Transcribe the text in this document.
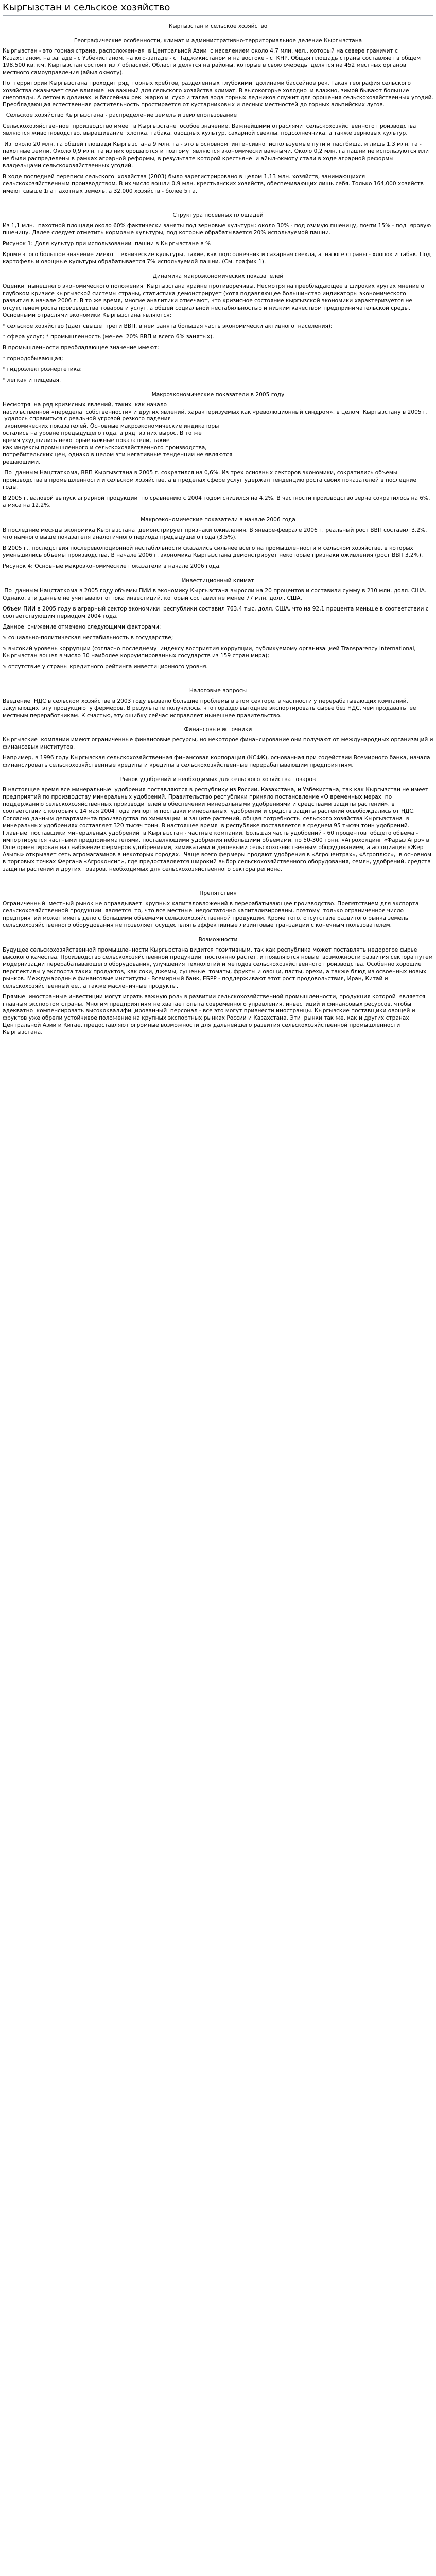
Кыргызстан и сельское хозяйство
Кыргызстан и сельское хозяйство
Географические особенности, климат и административно-территориальное деление Кыргызстана

Кыргызстан - это горная страна, расположенная  в Центральной Азии  с населением около 4,7 млн. чел., который на севере граничит с Казахстаном, на западе - с Узбекистаном, на юго-западе - с  Таджикистаном и на востоке - с  КНР. Общая площадь страны составляет в общем 198,500 кв. км. Кыргызстан состоит из 7 областей. Области делятся на районы, которые в свою очередь  делятся на 452 местных органов  местного самоуправления (айыл окмоту).

По  территории Кыргызстана проходит ряд  горных хребтов, разделенных глубокими  долинами бассейнов рек. Такая география сельского хозяйства оказывает свое влияние  на важный для сельского хозяйства климат. В высокогорье холодно  и влажно, зимой бывают большие  снегопады. А летом в долинах  и бассейнах рек  жарко и  сухо и талая вода горных ледников служит для орошения сельскохозяйственных угодий. Преобладающая естественная растительность простирается от кустарниковых и лесных местностей до горных альпийских лугов.

Сельское хозяйство Кыргызстана - распределение земель и землепользование

Сельскохозяйственное  производство имеет в Кыргызстане  особое значение. Важнейшими отраслями  сельскохозяйственного производства являются животноводство, выращивание  хлопка, табака, овощных культур, сахарной свеклы, подсолнечника, а также зерновых культур.

Из  около 20 млн. га общей площади Кыргызстана 9 млн. га - это в основном  интенсивно  используемые пути и пастбища, и лишь 1,3 млн. га - пахотные земли. Около 0,9 млн. га из них орошаются и поэтому  являются экономически важными. Около 0,2 млн. га пашни не используются или  не были распределены в рамках аграрной реформы, в результате которой крестьяне  и айыл-окмоту стали в ходе аграрной реформы владельцами сельскохозяйственных угодий.

В ходе последней переписи сельского  хозяйства (2003) было зарегистрировано в целом 1,13 млн. хозяйств, занимающихся сельскохозяйственным производством. В их число вошли 0,9 млн. крестьянских хозяйств, обеспечивающих лишь себя. Только 164,000 хозяйств имеют свыше 1га пахотных земель, а 32.000 хозяйств - более 5 га.

Структура посевных площадей

Из 1,1 млн.  пахотной площади около 60% фактически заняты под зерновые культуры: около 30% - под озимую пшеницу, почти 15% - под  яровую пшеницу. Далее следует отметить кормовые культуры, под которые обрабатывается 20% используемой пашни.

Рисунок 1: Доля культур при использовании  пашни в Кыргызстане в %

Кроме этого большое значение имеют  технические культуры, такие, как подсолнечник и сахарная свекла, а  на юге страны - хлопок и табак. Под картофель и овощные культуры обрабатывается 7% используемой пашни. (См. график 1).

Динамика макроэкономических показателей

Оценки  нынешнего экономического положения  Кыргызстана крайне противоречивы. Несмотря на преобладающее в широких кругах мнение о глубоком кризисе кыргызской системы страны, статистика демонстрирует (хотя подавляющее большинство индикаторы экономического развития в начале 2006 г. В то же время, многие аналитики отмечают, что кризисное состояние кыргызской экономики характеризуется не отсутствием роста производства товаров и услуг, а общей социальной нестабильностью и низким качеством предпринимательской среды. Основными отраслями экономики Кыргызстана являются:

* сельское хозяйство (дает свыше  трети ВВП, в нем занята большая часть экономически активного  населения);

* сфера услуг; * промышленность (менее  20% ВВП и всего 6% занятых).

В промышленности преобладающее значение имеют:

* горнодобывающая;

* гидроэлектроэнергетика;

* легкая и пищевая.

Макроэкономические показатели в 2005 году

Несмотря  на ряд кризисных явлений, таких  как начало

насильственной «передела  собственности» и других явлений, характеризуемых как «революционный синдром», в целом  Кыргызстану в 2005 г.

удалось справиться с реальной угрозой резкого падения

экономических показателей. Основные макроэкономические индикаторы

остались на уровне предыдущего года, а ряд  из них вырос. В то же

время ухудшились некоторые важные показатели, такие

как индексы промышленного и сельскохозяйственного производства,

потребительских цен, однако в целом эти негативные тенденции не являются

решающими.

По  данным Нацстаткома, ВВП Кыргызстана в 2005 г. сократился на 0,6%. Из трех основных секторов экономики, сократились объемы производства в промышленности и сельском хозяйстве, а в пределах сфере услуг удержал тенденцию роста своих показателей в последние годы.

В 2005 г. валовой выпуск аграрной продукции  по сравнению с 2004 годом снизился на 4,2%. В частности производство зерна сократилось на 6%, а мяса на 12,2%.

Макроэкономические показатели в начале 2006 года

В последние месяцы экономика Кыргызстана  демонстрирует признаки оживления. В январе-феврале 2006 г. реальный рост ВВП составил 3,2%, что намного выше показателя аналогичного периода предыдущего года (3,5%).

В 2005 г., последствия послереволюционной нестабильности сказались сильнее всего на промышленности и сельском хозяйстве, в которых уменьшились объемы производства. В начале 2006 г. экономика Кыргызстана демонстрирует некоторые признаки оживления (рост ВВП 3,2%).

Рисунок 4: Основные макроэкономические показатели в начале 2006 года.

Инвестиционный климат

По  данным Нацстаткома в 2005 году объемы ПИИ в экономику Кыргызстана выросли на 20 процентов и составили сумму в 210 млн. долл. США. Однако, эти данные не учитывают оттока инвестиций, который составил не менее 77 млн. долл. США.

Объем ПИИ в 2005 году в аграрный сектор экономики  республики составил 763,4 тыс. долл. США, что на 92,1 процента меньше в соответствии с соответствующим периодом 2004 года.

Данное  снижение отмечено следующими факторами:

ъ социально-политическая нестабильность в государстве;

ъ высокий уровень коррупции (согласно последнему  индексу восприятия коррупции, публикуемому организацией Transparency International, Кыргызстан вошел в число 30 наиболее коррумпированных государств из 159 стран мира);

ъ отсутствие у страны кредитного рейтинга инвестиционного уровня.

Налоговые вопросы

Введение  НДС в сельском хозяйстве в 2003 году вызвало большие проблемы в этом секторе, в частности у перерабатывающих компаний, закупающих  эту продукцию  у фермеров. В результате получилось, что гораздо выгоднее экспортировать сырье без НДС, чем продавать  ее местным переработчикам. К счастью, эту ошибку сейчас исправляет нынешнее правительство.

Финансовые источники

Кыргызские  компании имеют ограниченные финансовые ресурсы, но некоторое финансирование они получают от международных организаций и финансовых институтов.

Например, в 1996 году Кыргызская сельскохозяйственная финансовая корпорация (КСФК), основанная при содействии Всемирного банка, начала финансировать сельскохозяйственные кредиты и кредиты в сельскохозяйственные перерабатывающим предприятиям.

Рынок удобрений и необходимых для сельского хозяйства товаров

В настоящее время все минеральные  удобрения поставляются в республику из России, Казахстана, и Узбекистана, так как Кыргызстан не имеет предприятий по производству минеральных удобрений. Правительство республики приняло постановление «О временных мерах  по поддержанию сельскохозяйственных производителей в обеспечении минеральными удобрениями и средствами защиты растений», в соответствии с которым с 14 мая 2004 года импорт и поставки минеральных  удобрений и средств защиты растений освобождались от НДС. Согласно данным департамента производства по химизации  и защите растений, общая потребность  сельского хозяйства Кыргызстана  в минеральных удобрениях составляет 320 тысяч тонн. В настоящее время  в республике поставляется в среднем 95 тысяч тонн удобрений. Главные  поставщики минеральных удобрений  в Кыргызстан - частные компании. Большая часть удобрений - 60 процентов  общего объема - импортируется частными предпринимателями, поставляющими удобрения небольшими объемами, по 50-300 тонн. «Агрохолдинг «Фарыз Агро» в Оше ориентирован на снабжение фермеров удобрениями, химикатами и дешевыми сельскохозяйственным оборудованием, а ассоциация «Жер Азыгы» открывает сеть агромагазинов в некоторых городах.  Чаще всего фермеры продают удобрения в «Агроцентрах», «Агроплюс»,  в основном в торговых точках Фергана «Агроконсип», где предоставляется широкий выбор сельскохозяйственного оборудования, семян, удобрений, средств защиты растений и других товаров, необходимых для сельскохозяйственного сектора региона.

Препятствия

Ограниченный  местный рынок не оправдывает  крупных капиталовложений в перерабатывающее производство. Препятствием для экспорта  сельскохозяйственной продукции  является  то, что все местные  недостаточно капитализированы, поэтому  только ограниченное число предприятий может иметь дело с большими объемами сельскохозяйственной продукции. Кроме того, отсутствие развитого рынка земель сельскохозяйственного оборудования не позволяет осуществлять эффективные лизинговые транзакции с конечным пользователем.

Возможности

Будущее сельскохозяйственной промышленности Кыргызстана видится позитивным, так как республика может поставлять недорогое сырье высокого качества. Производство сельскохозяйственной продукции  постоянно растет, и появляются новые  возможности развития сектора путем модернизации перерабатывающего оборудования, улучшения технологий и методов сельскохозяйственного производства. Особенно хорошие перспективы у экспорта таких продуктов, как соки, джемы, сушеные  томаты, фрукты и овощи, пасты, орехи, а также блюд из освоенных новых рынков. Международные финансовые институты - Всемирный банк, ЕБРР - поддерживают этот рост продовольствия, Иран, Китай и сельскохозяйственный ее.. а также масленичные продукты.

Прямые  иностранные инвестиции могут играть важную роль в развитии сельскохозяйственной промышленности, продукция которой  является главным экспортом страны. Многим предприятиям не хватает опыта современного управления, инвестиций и финансовых ресурсов, чтобы адекватно  компенсировать высококвалифицированный  персонал - все это могут привнести иностранцы. Кыргызские поставщики овощей и фруктов уже обрели устойчивое положение на крупных экспортных рынках России и Казахстана. Эти  рынки так же, как и других странах Центральной Азии и Китае, предоставляют огромные возможности для дальнейшего развития сельскохозяйственной промышленности Кыргызстана.
